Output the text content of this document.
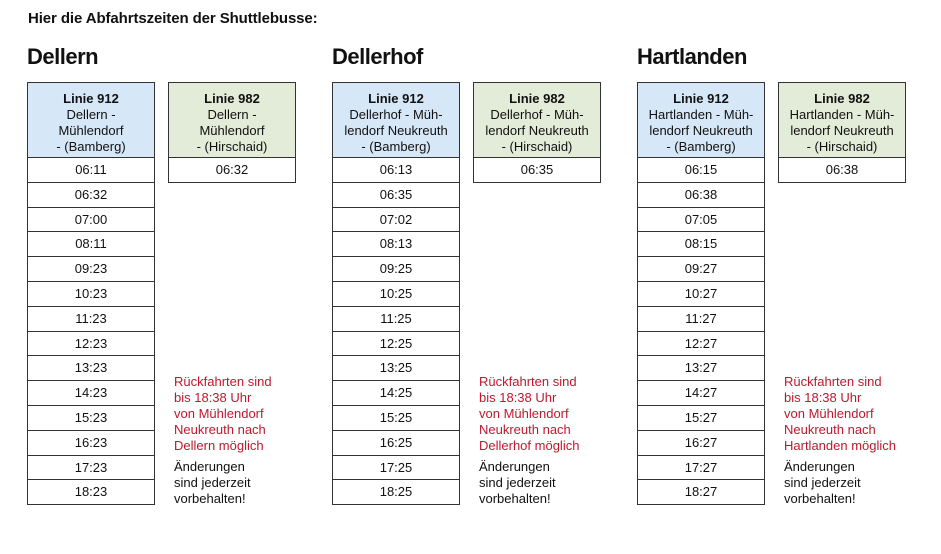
Hier die Abfahrtszeiten der Shuttlebusse:
Dellern
Linie 912
Dellern -
Mühlendorf
- (Bamberg)
06:11
06:32
07:00
08:11
09:23
10:23
11:23
12:23
13:23
14:23
15:23
16:23
17:23
18:23
Linie 982
Dellern -
Mühlendorf
- (Hirschaid)
06:32
Rückfahrten sind
bis 18:38 Uhr
von Mühlendorf
Neukreuth nach
Dellern möglich
Änderungen
sind jederzeit
vorbehalten!
Dellerhof
Linie 912
Dellerhof - Müh-
lendorf Neukreuth
- (Bamberg)
06:13
06:35
07:02
08:13
09:25
10:25
11:25
12:25
13:25
14:25
15:25
16:25
17:25
18:25
Linie 982
Dellerhof - Müh-
lendorf Neukreuth
- (Hirschaid)
06:35
Rückfahrten sind
bis 18:38 Uhr
von Mühlendorf
Neukreuth nach
Dellerhof möglich
Änderungen
sind jederzeit
vorbehalten!
Hartlanden
Linie 912
Hartlanden - Müh-
lendorf Neukreuth
- (Bamberg)
06:15
06:38
07:05
08:15
09:27
10:27
11:27
12:27
13:27
14:27
15:27
16:27
17:27
18:27
Linie 982
Hartlanden - Müh-
lendorf Neukreuth
- (Hirschaid)
06:38
Rückfahrten sind
bis 18:38 Uhr
von Mühlendorf
Neukreuth nach
Hartlanden möglich
Änderungen
sind jederzeit
vorbehalten!
